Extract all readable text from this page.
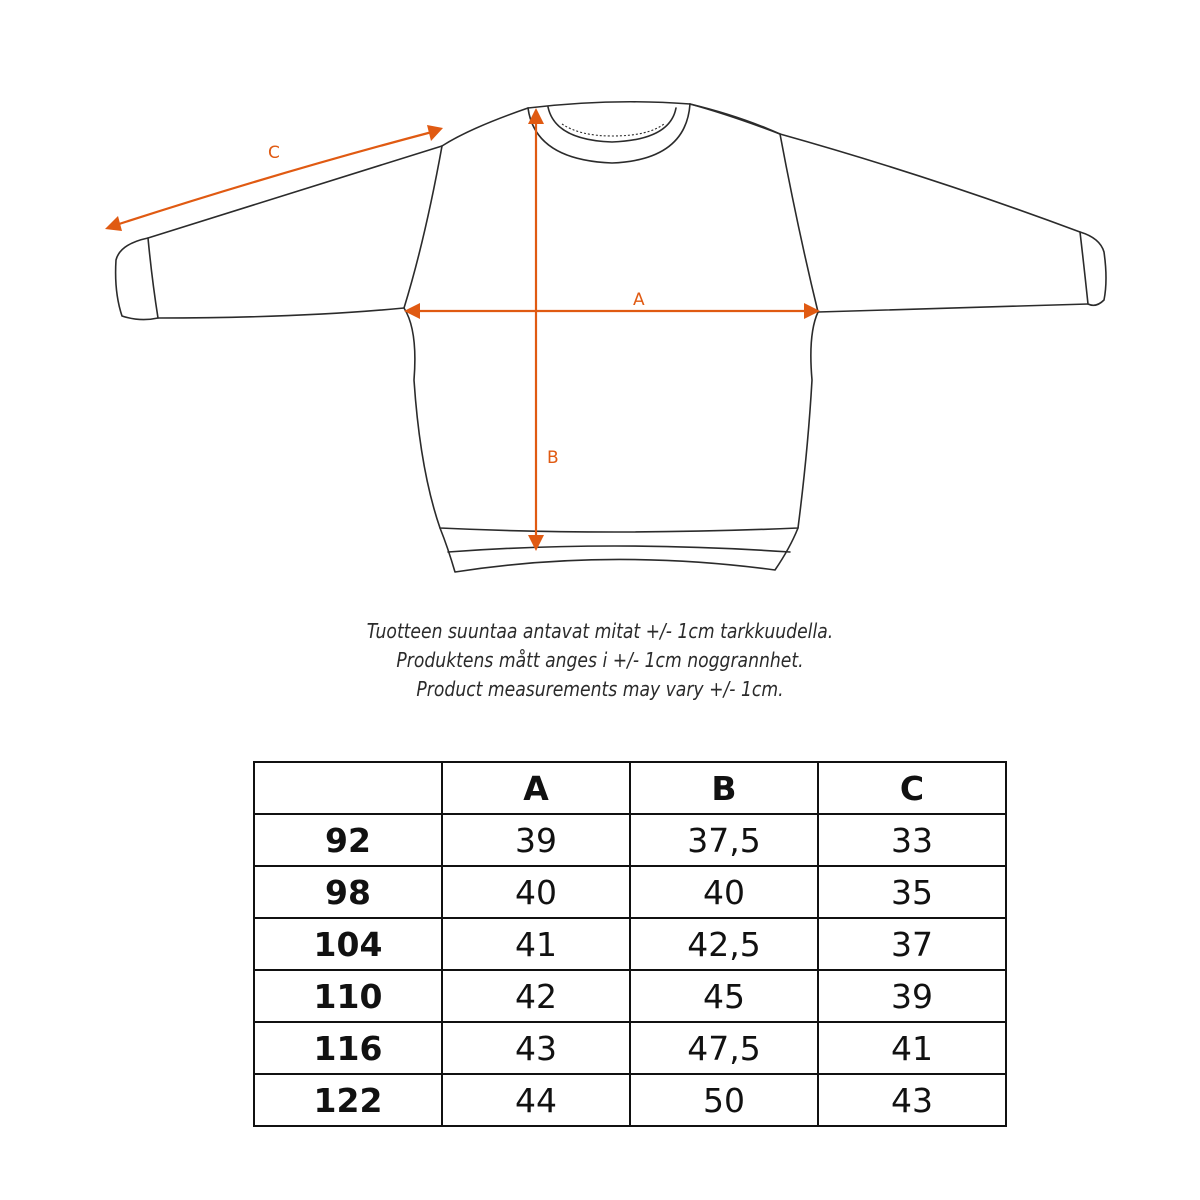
A
B
C
Tuotteen suuntaa antavat mitat +/- 1cm tarkkuudella.
Produktens mått anges i +/- 1cm noggrannhet.
Product measurements may vary +/- 1cm.
	A	B	C
92	39	37,5	33
98	40	40	35
104	41	42,5	37
110	42	45	39
116	43	47,5	41
122	44	50	43
